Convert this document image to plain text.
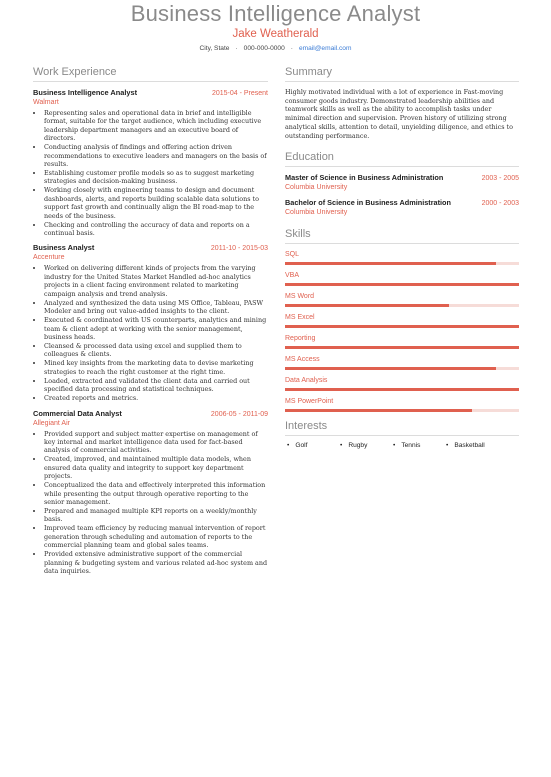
Business Intelligence Analyst
Jake Weatherald
City, State · 000-000-0000 · email@email.com
Work Experience
Business Intelligence Analyst	2015-04 - Present
Walmart
• Representing sales and operational data in brief and intelligible format, suitable for the target audience, which including executive leadership department managers and an executive board of directors.
• Conducting analysis of findings and offering action driven recommendations to executive leaders and managers on the basis of results.
• Establishing customer profile models so as to suggest marketing strategies and decision-making business.
• Working closely with engineering teams to design and document dashboards, alerts, and reports building scalable data solutions to support fast growth and continually align the BI road-map to the needs of the business.
• Checking and controlling the accuracy of data and reports on a continual basis.
Business Analyst	2011-10 - 2015-03
Accenture
• Worked on delivering different kinds of projects from the varying industry for the United States Market Handled ad-hoc analytics projects in a client facing environment related to marketing campaign analysis and trend analysis.
• Analyzed and synthesized the data using MS Office, Tableau, PASW Modeler and bring out value-added insights to the client.
• Executed & coordinated with US counterparts, analytics and mining team & client adept at working with the senior management, business heads.
• Cleansed & processed data using excel and supplied them to colleagues & clients.
• Mined key insights from the marketing data to devise marketing strategies to reach the right customer at the right time.
• Loaded, extracted and validated the client data and carried out specified data processing and statistical techniques.
• Created reports and metrics.
Commercial Data Analyst	2006-05 - 2011-09
Allegiant Air
• Provided support and subject matter expertise on management of key internal and market intelligence data used for fact-based analysis of commercial activities.
• Created, improved, and maintained multiple data models, when ensured data quality and integrity to support key department projects.
• Conceptualized the data and effectively interpreted this information while presenting the output through operative reporting to the senior management.
• Prepared and managed multiple KPI reports on a weekly/monthly basis.
• Improved team efficiency by reducing manual intervention of report generation through scheduling and automation of reports to the commercial planning team and global sales teams.
• Provided extensive administrative support of the commercial planning & budgeting system and various related ad-hoc system and data inquiries.
Summary
Highly motivated individual with a lot of experience in Fast-moving consumer goods industry. Demonstrated leadership abilities and teamwork skills as well as the ability to accomplish tasks under minimal direction and supervision. Proven history of utilizing strong analytical skills, attention to detail, unyielding diligence, and ethics to outstanding performance.
Education
Master of Science in Business Administration	2003 - 2005
Columbia University
Bachelor of Science in Business Administration	2000 - 2003
Columbia University
Skills
SQL
VBA
MS Word
MS Excel
Reporting
MS Access
Data Analysis
MS PowerPoint
Interests
• Golf	• Rugby	• Tennis	• Basketball
